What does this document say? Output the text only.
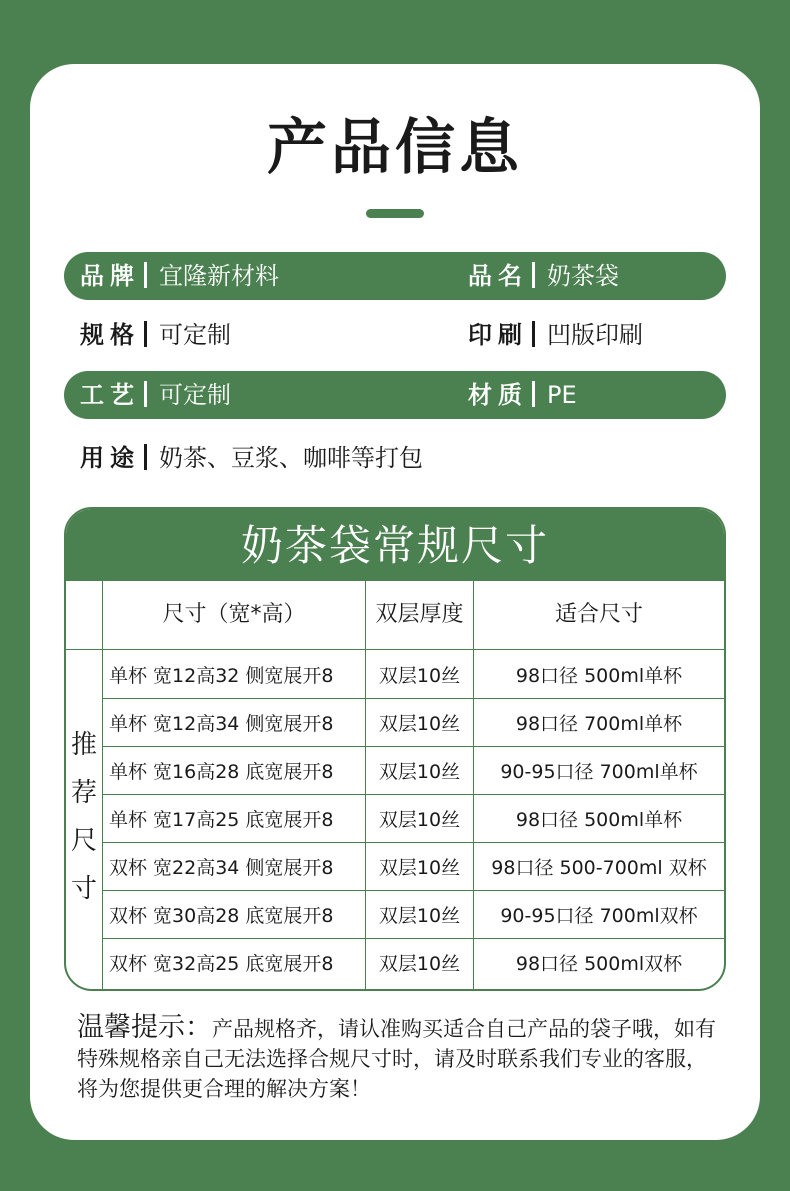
产品信息
品牌 宜隆新材料	品名 奶茶袋
规格 可定制	印刷 凹版印刷
工艺 可定制	材质 PE
用途 奶茶、豆浆、咖啡等打包
奶茶袋常规尺寸
尺寸（宽*高）	双层厚度	适合尺寸
推
荐
尺
寸
单杯 宽12高32 侧宽展开8	双层10丝	98口径 500ml单杯
单杯 宽12高34 侧宽展开8	双层10丝	98口径 700ml单杯
单杯 宽16高28 底宽展开8	双层10丝	90-95口径 700ml单杯
单杯 宽17高25 底宽展开8	双层10丝	98口径 500ml单杯
双杯 宽22高34 侧宽展开8	双层10丝	98口径 500-700ml 双杯
双杯 宽30高28 底宽展开8	双层10丝	90-95口径 700ml双杯
双杯 宽32高25 底宽展开8	双层10丝	98口径 500ml双杯
温馨提示：产品规格齐，请认准购买适合自己产品的袋子哦，如有特殊规格亲自己无法选择合规尺寸时，请及时联系我们专业的客服，将为您提供更合理的解决方案！
